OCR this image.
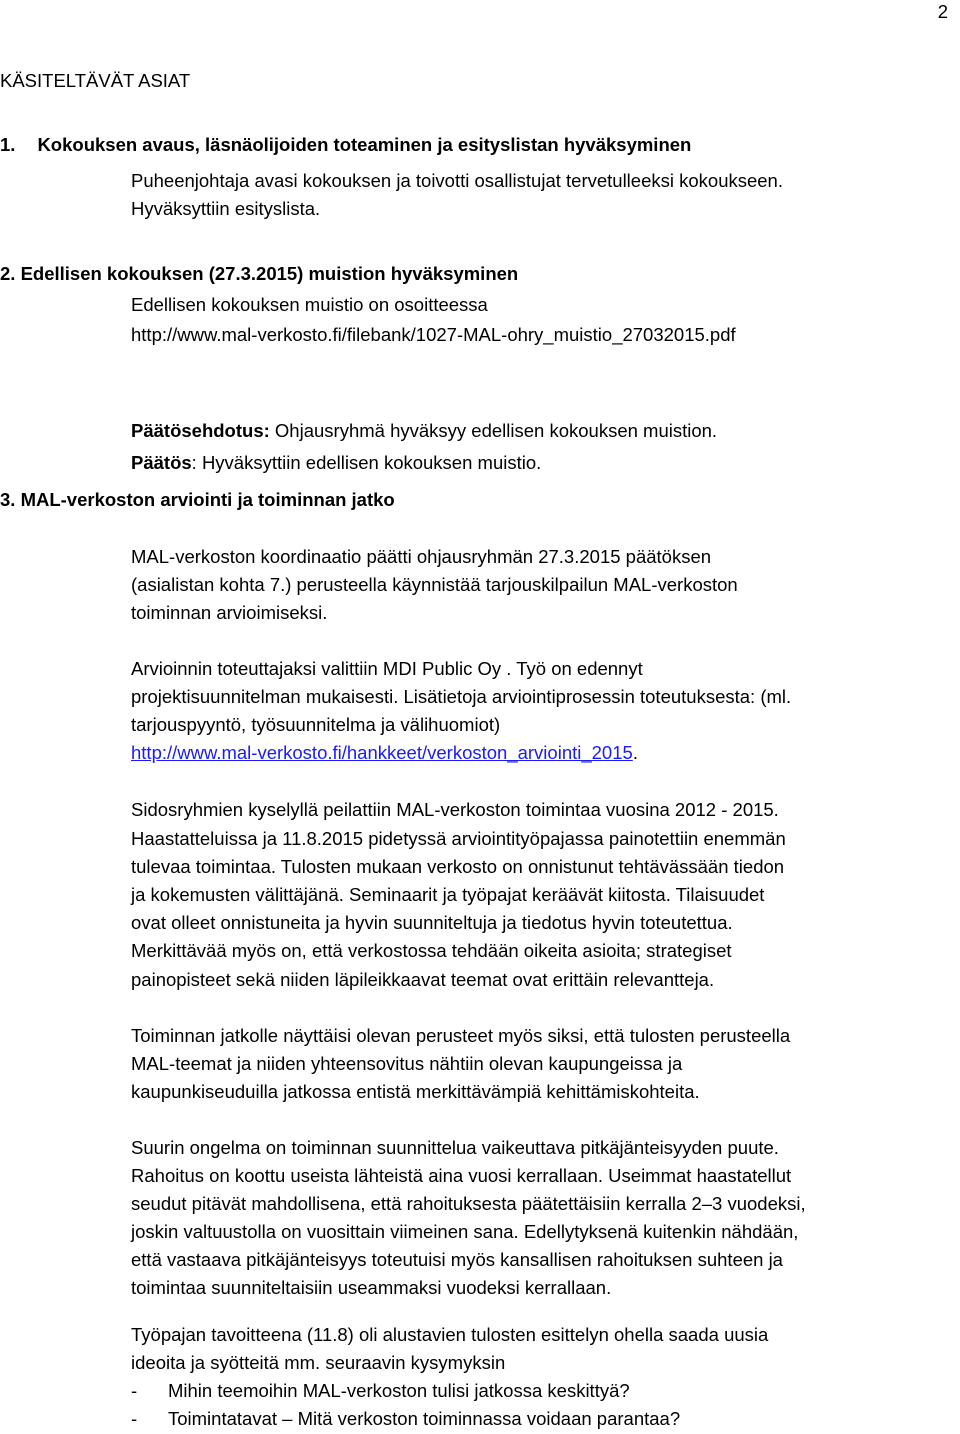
2
KÄSITELTÄVÄT ASIAT
1. Kokouksen avaus, läsnäolijoiden toteaminen ja esityslistan hyväksyminen
Puheenjohtaja avasi kokouksen ja toivotti osallistujat tervetulleeksi kokoukseen.
Hyväksyttiin esityslista.
2. Edellisen kokouksen (27.3.2015) muistion hyväksyminen
Edellisen kokouksen muistio on osoitteessa
http://www.mal-verkosto.fi/filebank/1027-MAL-ohry_muistio_27032015.pdf
Päätösehdotus: Ohjausryhmä hyväksyy edellisen kokouksen muistion.
Päätös: Hyväksyttiin edellisen kokouksen muistio.
3. MAL-verkoston arviointi ja toiminnan jatko
MAL-verkoston koordinaatio päätti ohjausryhmän 27.3.2015 päätöksen
(asialistan kohta 7.) perusteella käynnistää tarjouskilpailun MAL-verkoston
toiminnan arvioimiseksi.
Arvioinnin toteuttajaksi valittiin MDI Public Oy . Työ on edennyt
projektisuunnitelman mukaisesti. Lisätietoja arviointiprosessin toteutuksesta: (ml.
tarjouspyyntö, työsuunnitelma ja välihuomiot)
http://www.mal-verkosto.fi/hankkeet/verkoston_arviointi_2015.
Sidosryhmien kyselyllä peilattiin MAL-verkoston toimintaa vuosina 2012 - 2015.
Haastatteluissa ja 11.8.2015 pidetyssä arviointityöpajassa painotettiin enemmän
tulevaa toimintaa. Tulosten mukaan verkosto on onnistunut tehtävässään tiedon
ja kokemusten välittäjänä. Seminaarit ja työpajat keräävät kiitosta. Tilaisuudet
ovat olleet onnistuneita ja hyvin suunniteltuja ja tiedotus hyvin toteutettua.
Merkittävää myös on, että verkostossa tehdään oikeita asioita; strategiset
painopisteet sekä niiden läpileikkaavat teemat ovat erittäin relevantteja.
Toiminnan jatkolle näyttäisi olevan perusteet myös siksi, että tulosten perusteella
MAL-teemat ja niiden yhteensovitus nähtiin olevan kaupungeissa ja
kaupunkiseuduilla jatkossa entistä merkittävämpiä kehittämiskohteita.
Suurin ongelma on toiminnan suunnittelua vaikeuttava pitkäjänteisyyden puute.
Rahoitus on koottu useista lähteistä aina vuosi kerrallaan. Useimmat haastatellut
seudut pitävät mahdollisena, että rahoituksesta päätettäisiin kerralla 2–3 vuodeksi,
joskin valtuustolla on vuosittain viimeinen sana. Edellytyksenä kuitenkin nähdään,
että vastaava pitkäjänteisyys toteutuisi myös kansallisen rahoituksen suhteen ja
toimintaa suunniteltaisiin useammaksi vuodeksi kerrallaan.
Työpajan tavoitteena (11.8) oli alustavien tulosten esittelyn ohella saada uusia
ideoita ja syötteitä mm. seuraavin kysymyksin
- Mihin teemoihin MAL-verkoston tulisi jatkossa keskittyä?
- Toimintatavat – Mitä verkoston toiminnassa voidaan parantaa?
